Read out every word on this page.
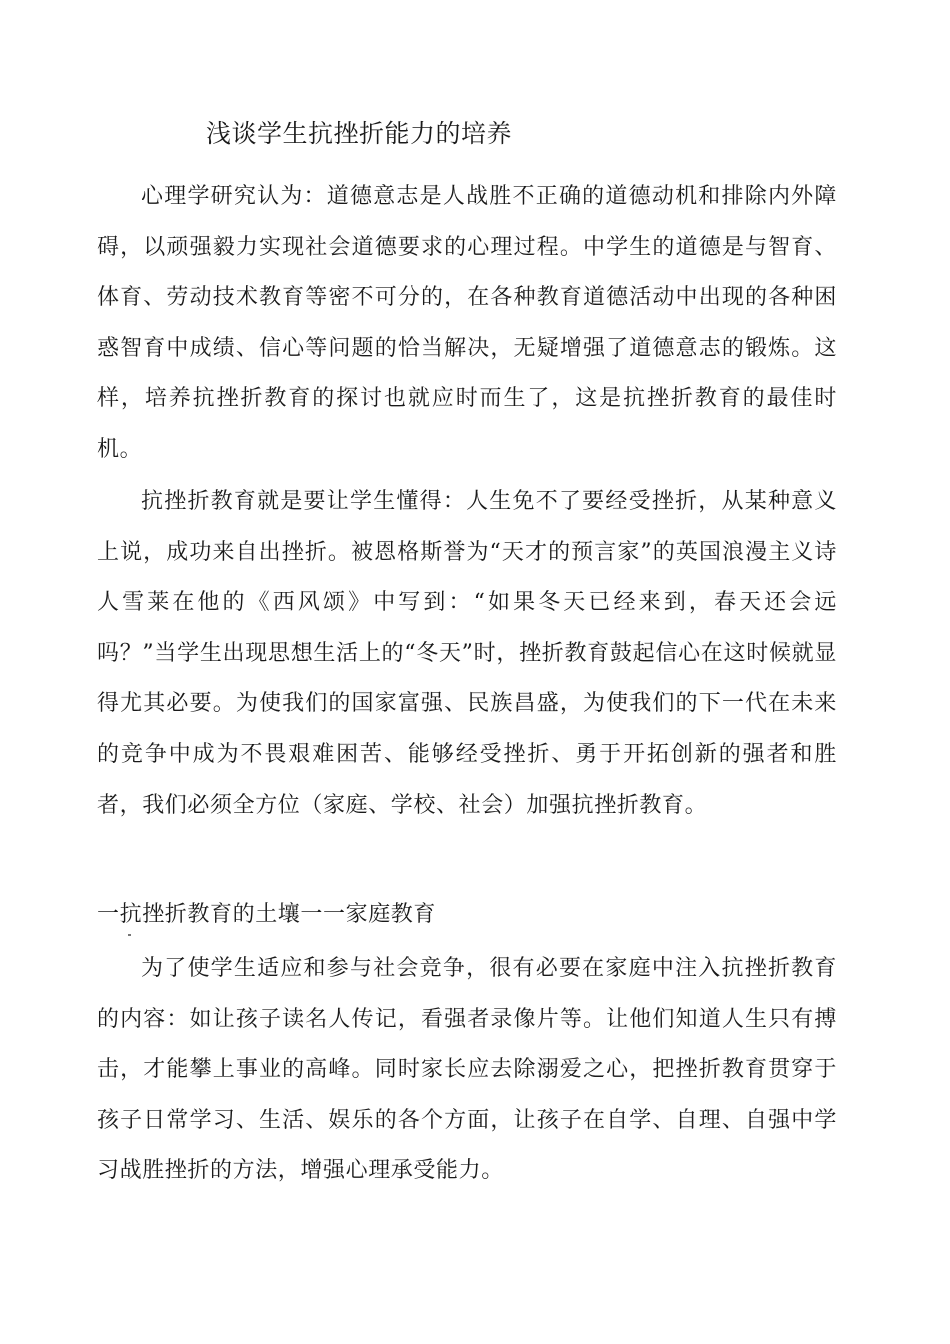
浅谈学生抗挫折能力的培养

心理学研究认为：道德意志是人战胜不正确的道德动机和排除内外障碍，以顽强毅力实现社会道德要求的心理过程。中学生的道德是与智育、体育、劳动技术教育等密不可分的，在各种教育道德活动中出现的各种困惑智育中成绩、信心等问题的恰当解决，无疑增强了道德意志的锻炼。这样，培养抗挫折教育的探讨也就应时而生了，这是抗挫折教育的最佳时机。

抗挫折教育就是要让学生懂得：人生免不了要经受挫折，从某种意义上说，成功来自出挫折。被恩格斯誉为“天才的预言家”的英国浪漫主义诗人雪莱在他的《西风颂》中写到：“如果冬天已经来到，春天还会远吗？”当学生出现思想生活上的“冬天”时，挫折教育鼓起信心在这时候就显得尤其必要。为使我们的国家富强、民族昌盛，为使我们的下一代在未来的竞争中成为不畏艰难困苦、能够经受挫折、勇于开拓创新的强者和胜者，我们必须全方位（家庭、学校、社会）加强抗挫折教育。

一抗挫折教育的土壤一一家庭教育

为了使学生适应和参与社会竞争，很有必要在家庭中注入抗挫折教育的内容：如让孩子读名人传记，看强者录像片等。让他们知道人生只有搏击，才能攀上事业的高峰。同时家长应去除溺爱之心，把挫折教育贯穿于孩子日常学习、生活、娱乐的各个方面，让孩子在自学、自理、自强中学习战胜挫折的方法，增强心理承受能力。
